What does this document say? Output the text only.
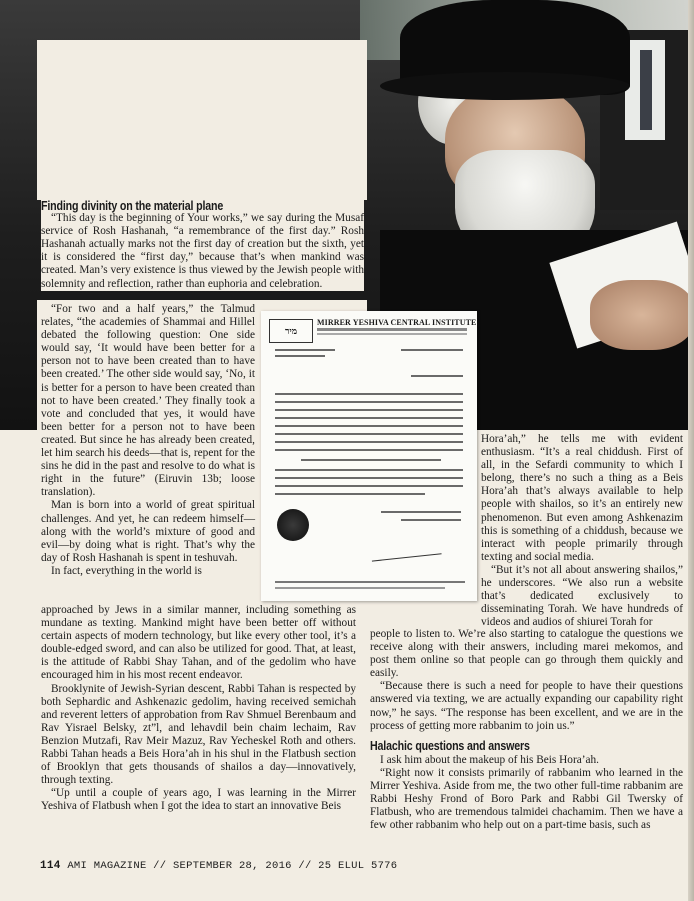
Finding divinity on the material plane

“This day is the beginning of Your works,” we say during the Musaf service of Rosh Hashanah, “a remembrance of the first day.” Rosh Hashanah actually marks not the first day of creation but the sixth, yet it is considered the “first day,” because that’s when mankind was created. Man’s very existence is thus viewed by the Jewish people with solemnity and reflection, rather than euphoria and celebration.

“For two and a half years,” the Talmud relates, “the academies of Shammai and Hillel debated the following question: One side would say, ‘It would have been better for a person not to have been created than to have been created.’ The other side would say, ‘No, it is better for a person to have been created than not to have been created.’ They finally took a vote and concluded that yes, it would have been better for a person not to have been created. But since he has already been created, let him search his deeds—that is, repent for the sins he did in the past and resolve to do what is right in the future” (Eiruvin 13b; loose translation).

Man is born into a world of great spiritual challenges. And yet, he can redeem himself—along with the world’s mixture of good and evil—by doing what is right. That’s why the day of Rosh Hashanah is spent in teshuvah.

In fact, everything in the world is

approached by Jews in a similar manner, including something as mundane as texting. Mankind might have been better off without certain aspects of modern technology, but like every other tool, it’s a double-edged sword, and can also be utilized for good. That, at least, is the attitude of Rabbi Shay Tahan, and of the gedolim who have encouraged him in his most recent endeavor.

Brooklynite of Jewish-Syrian descent, Rabbi Tahan is respected by both Sephardic and Ashkenazic gedolim, having received semichah and reverent letters of approbation from Rav Shmuel Berenbaum and Rav Yisrael Belsky, zt”l, and lehavdil bein chaim lechaim, Rav Benzion Mutzafi, Rav Meir Mazuz, Rav Yecheskel Roth and others. Rabbi Tahan heads a Beis Hora’ah in his shul in the Flatbush section of Brooklyn that gets thousands of shailos a day—innovatively, through texting.

“Up until a couple of years ago, I was learning in the Mirrer Yeshiva of Flatbush when I got the idea to start an innovative Beis

מיר
MIRRER YESHIVA CENTRAL INSTITUTE

Hora’ah,” he tells me with evident enthusiasm. “It’s a real chiddush. First of all, in the Sefardi community to which I belong, there’s no such a thing as a Beis Hora’ah that’s always available to help people with shailos, so it’s an entirely new phenomenon. But even among Ashkenazim this is something of a chiddush, because we interact with people primarily through texting and social media.

“But it’s not all about answering shailos,” he underscores. “We also run a website that’s dedicated exclusively to disseminating Torah. We have hundreds of videos and audios of shiurei Torah for

people to listen to. We’re also starting to catalogue the questions we receive along with their answers, including marei mekomos, and post them online so that people can go through them quickly and easily.

“Because there is such a need for people to have their questions answered via texting, we are actually expanding our capability right now,” he says. “The response has been excellent, and we are in the process of getting more rabbanim to join us.”

Halachic questions and answers

I ask him about the makeup of his Beis Hora’ah.

“Right now it consists primarily of rabbanim who learned in the Mirrer Yeshiva. Aside from me, the two other full-time rabbanim are Rabbi Heshy Frond of Boro Park and Rabbi Gil Twersky of Flatbush, who are tremendous talmidei chachamim. Then we have a few other rabbanim who help out on a part-time basis, such as

114 AMI MAGAZINE // SEPTEMBER 28, 2016 // 25 ELUL 5776
